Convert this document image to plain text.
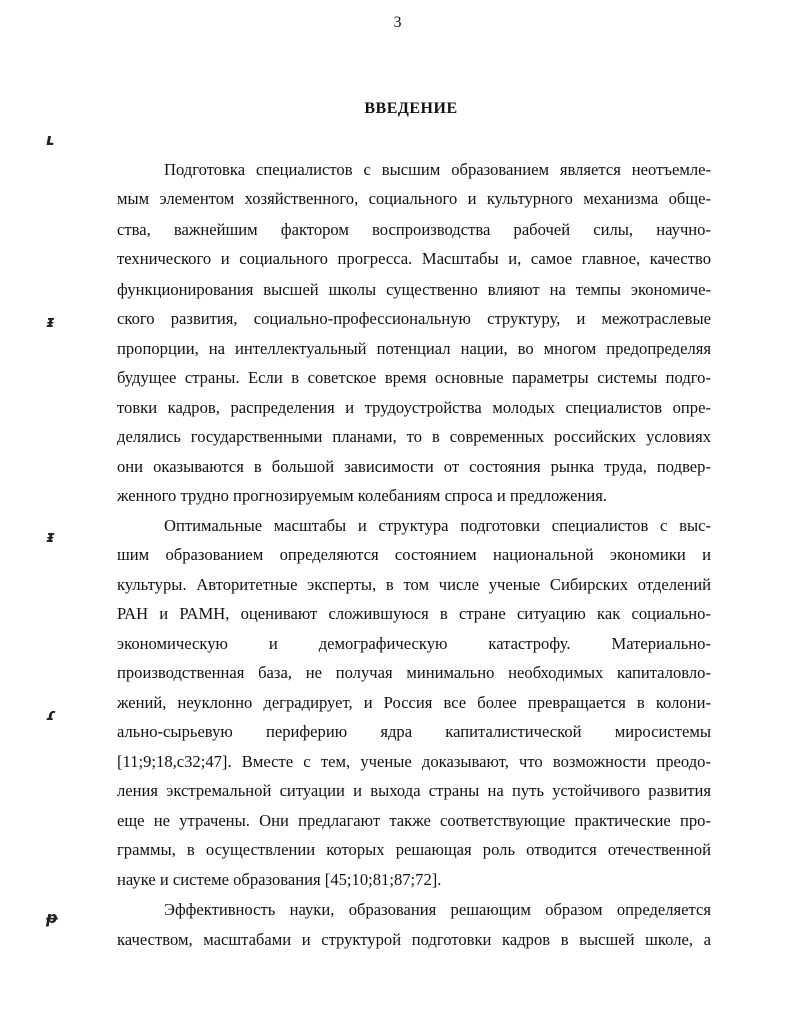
3
ВВЕДЕНИЕ
ʟ
ᵻ
ᵻ
ɾ
ᵽ
Подготовка специалистов с высшим образованием является неотъемле-
мым элементом хозяйственного, социального и культурного механизма обще-
ства, важнейшим фактором воспроизводства рабочей силы, научно-
технического и социального прогресса. Масштабы и, самое главное, качество
функционирования высшей школы существенно влияют на темпы экономиче-
ского развития, социально-профессиональную структуру, и межотраслевые
пропорции, на интеллектуальный потенциал нации, во многом предопределяя
будущее страны. Если в советское время основные параметры системы подго-
товки кадров, распределения и трудоустройства молодых специалистов опре-
делялись государственными планами, то в современных российских условиях
они оказываются в большой зависимости от состояния рынка труда, подвер-
женного трудно прогнозируемым колебаниям спроса и предложения.
Оптимальные масштабы и структура подготовки специалистов с выс-
шим образованием определяются состоянием национальной экономики и
культуры. Авторитетные эксперты, в том числе ученые Сибирских отделений
РАН и РАМН, оценивают сложившуюся в стране ситуацию как социально-
экономическую и демографическую катастрофу. Материально-
производственная база, не получая минимально необходимых капиталовло-
жений, неуклонно деградирует, и Россия все более превращается в колони-
ально-сырьевую периферию ядра капиталистической миросистемы
[11;9;18,с32;47]. Вместе с тем, ученые доказывают, что возможности преодо-
ления экстремальной ситуации и выхода страны на путь устойчивого развития
еще не утрачены. Они предлагают также соответствующие практические про-
граммы, в осуществлении которых решающая роль отводится отечественной
науке и системе образования [45;10;81;87;72].
Эффективность науки, образования решающим образом определяется
качеством, масштабами и структурой подготовки кадров в высшей школе, а
